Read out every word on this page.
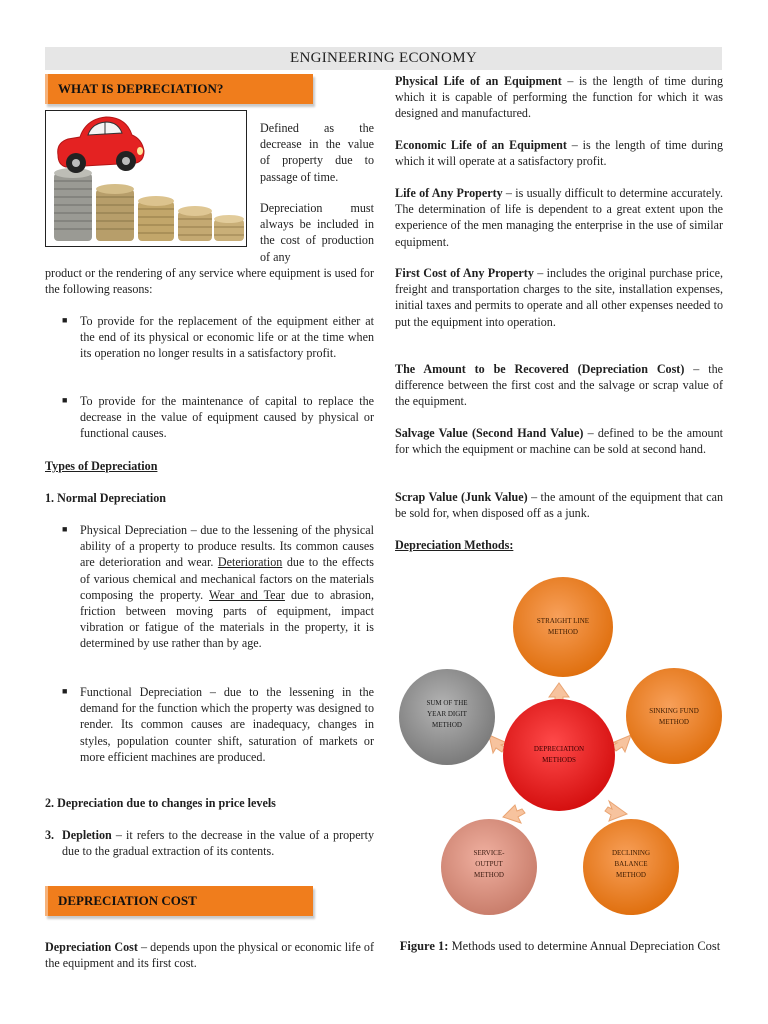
ENGINEERING ECONOMY
WHAT IS DEPRECIATION?
Defined as the decrease in the value of property due to passage of time.
Depreciation must always be included in the cost of production of any
product or the rendering of any service where equipment is used for the following reasons:
■ To provide for the replacement of the equipment either at the end of its physical or economic life or at the time when its operation no longer results in a satisfactory profit.
■ To provide for the maintenance of capital to replace the decrease in the value of equipment caused by physical or functional causes.
Types of Depreciation
1. Normal Depreciation
■ Physical Depreciation – due to the lessening of the physical ability of a property to produce results. Its common causes are deterioration and wear. Deterioration due to the effects of various chemical and mechanical factors on the materials composing the property. Wear and Tear due to abrasion, friction between moving parts of equipment, impact vibration or fatigue of the materials in the property, it is determined by use rather than by age.
■ Functional Depreciation – due to the lessening in the demand for the function which the property was designed to render. Its common causes are inadequacy, changes in styles, population counter shift, saturation of markets or more efficient machines are produced.
2. Depreciation due to changes in price levels
3. Depletion – it refers to the decrease in the value of a property due to the gradual extraction of its contents.
DEPRECIATION COST
Depreciation Cost – depends upon the physical or economic life of the equipment and its first cost.
Physical Life of an Equipment – is the length of time during which it is capable of performing the function for which it was designed and manufactured.
Economic Life of an Equipment – is the length of time during which it will operate at a satisfactory profit.
Life of Any Property – is usually difficult to determine accurately. The determination of life is dependent to a great extent upon the experience of the men managing the enterprise in the use of similar equipment.
First Cost of Any Property – includes the original purchase price, freight and transportation charges to the site, installation expenses, initial taxes and permits to operate and all other expenses needed to put the equipment into operation.
The Amount to be Recovered (Depreciation Cost) – the difference between the first cost and the salvage or scrap value of the equipment.
Salvage Value (Second Hand Value) – defined to be the amount for which the equipment or machine can be sold at second hand.
Scrap Value (Junk Value) – the amount of the equipment that can be sold for, when disposed off as a junk.
Depreciation Methods:
DEPRECIATION
METHODS
STRAIGHT LINE
METHOD
SINKING FUND
METHOD
DECLINING
BALANCE
METHOD
SERVICE-
OUTPUT
METHOD
SUM OF THE
YEAR DIGIT
METHOD
Figure 1: Methods used to determine Annual Depreciation Cost
